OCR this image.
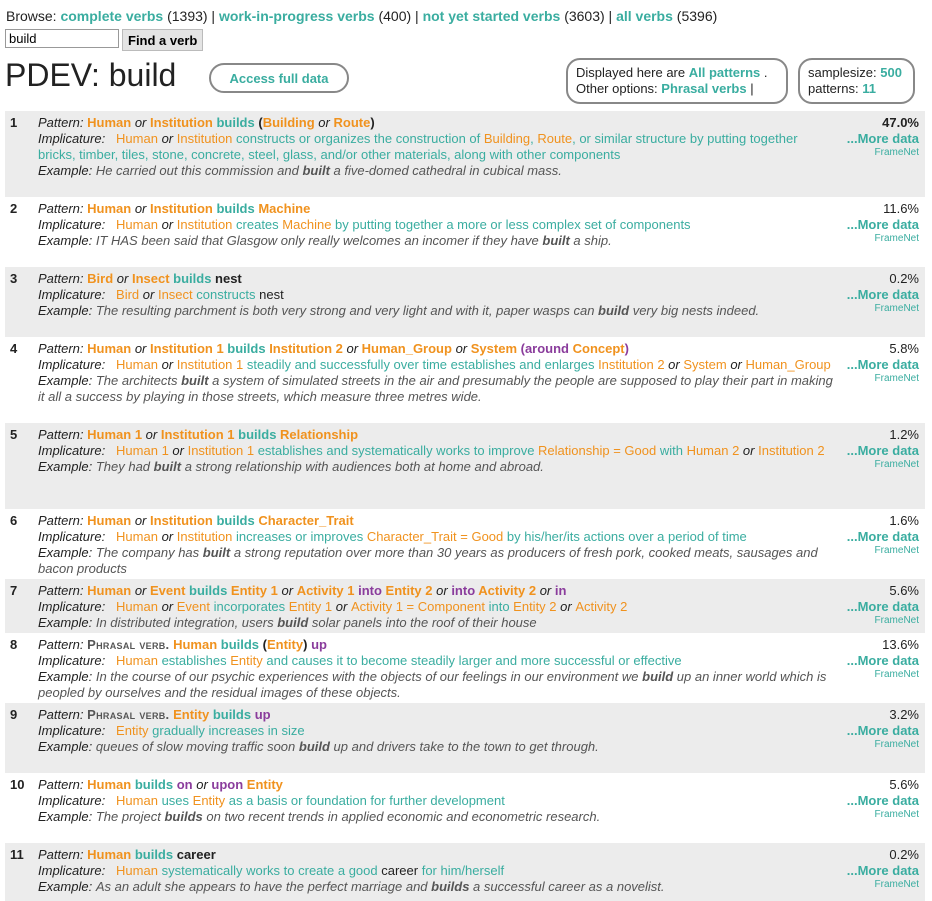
Browse: complete verbs (1393) | work-in-progress verbs (400) | not yet started verbs (3603) | all verbs (5396)
build
Find a verb
PDEV: build	Access full data	Displayed here are All patterns .
Other options: Phrasal verbs |
samplesize: 500
patterns: 11
1 Pattern: Human or Institution builds (Building or Route)
Implicature: Human or Institution constructs or organizes the construction of Building, Route, or similar structure by putting together bricks, timber, tiles, stone, concrete, steel, glass, and/or other materials, along with other components
Example: He carried out this commission and built a five-domed cathedral in cubical mass.
47.0%
...More data
FrameNet
2 Pattern: Human or Institution builds Machine
Implicature: Human or Institution creates Machine by putting together a more or less complex set of components
Example: IT HAS been said that Glasgow only really welcomes an incomer if they have built a ship.
11.6%
...More data
FrameNet
3 Pattern: Bird or Insect builds nest
Implicature: Bird or Insect constructs nest
Example: The resulting parchment is both very strong and very light and with it, paper wasps can build very big nests indeed.
0.2%
...More data
FrameNet
4 Pattern: Human or Institution 1 builds Institution 2 or Human_Group or System (around Concept)
Implicature: Human or Institution 1 steadily and successfully over time establishes and enlarges Institution 2 or System or Human_Group
Example: The architects built a system of simulated streets in the air and presumably the people are supposed to play their part in making it all a success by playing in those streets, which measure three metres wide.
5.8%
...More data
FrameNet
5 Pattern: Human 1 or Institution 1 builds Relationship
Implicature: Human 1 or Institution 1 establishes and systematically works to improve Relationship = Good with Human 2 or Institution 2
Example: They had built a strong relationship with audiences both at home and abroad.
1.2%
...More data
FrameNet
6 Pattern: Human or Institution builds Character_Trait
Implicature: Human or Institution increases or improves Character_Trait = Good by his/her/its actions over a period of time
Example: The company has built a strong reputation over more than 30 years as producers of fresh pork, cooked meats, sausages and bacon products
1.6%
...More data
FrameNet
7 Pattern: Human or Event builds Entity 1 or Activity 1 into Entity 2 or into Activity 2 or in
Implicature: Human or Event incorporates Entity 1 or Activity 1 = Component into Entity 2 or Activity 2
Example: In distributed integration, users build solar panels into the roof of their house
5.6%
...More data
FrameNet
8 Pattern: Phrasal verb. Human builds (Entity) up
Implicature: Human establishes Entity and causes it to become steadily larger and more successful or effective
Example: In the course of our psychic experiences with the objects of our feelings in our environment we build up an inner world which is peopled by ourselves and the residual images of these objects.
13.6%
...More data
FrameNet
9 Pattern: Phrasal verb. Entity builds up
Implicature: Entity gradually increases in size
Example: queues of slow moving traffic soon build up and drivers take to the town to get through.
3.2%
...More data
FrameNet
10 Pattern: Human builds on or upon Entity
Implicature: Human uses Entity as a basis or foundation for further development
Example: The project builds on two recent trends in applied economic and econometric research.
5.6%
...More data
FrameNet
11 Pattern: Human builds career
Implicature: Human systematically works to create a good career for him/herself
Example: As an adult she appears to have the perfect marriage and builds a successful career as a novelist.
0.2%
...More data
FrameNet
